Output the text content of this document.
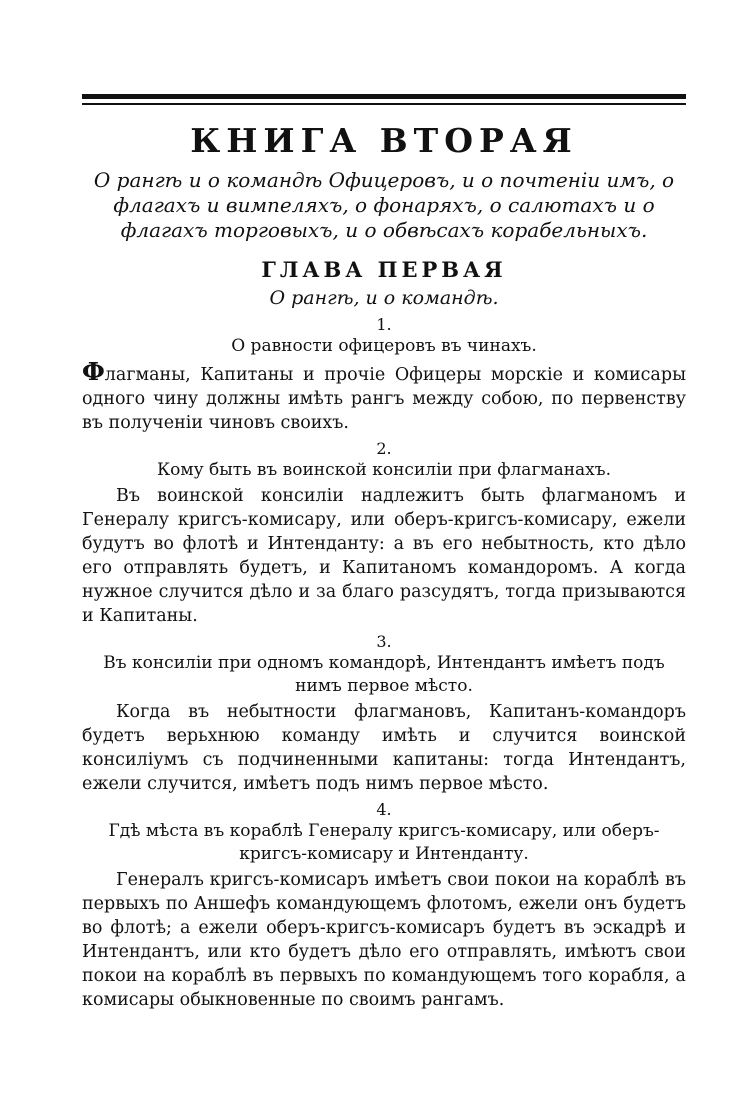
КНИГА ВТОРАЯ
О рангѣ и о командѣ Офицеровъ, и о почтенiи имъ, о флагахъ и вимпеляхъ, о фонаряхъ, о салютахъ и о флагахъ торговыхъ, и о обвѣсахъ корабельныхъ.
ГЛАВА ПЕРВАЯ
О рангѣ, и о командѣ.
1.
О равности офицеровъ въ чинахъ.

Флагманы, Капитаны и прочiе Офицеры морскiе и комисары одного чину должны имѣть рангъ между собою, по первенству въ полученiи чиновъ своихъ.

2.
Кому быть въ воинской консилiи при флагманахъ.

Въ воинской консилiи надлежитъ быть флагманомъ и Генералу кригсъ-комисару, или оберъ-кригсъ-комисару, ежели будутъ во флотѣ и Интенданту: а въ его небытность, кто дѣло его отправлять будетъ, и Капитаномъ командоромъ. А когда нужное случится дѣло и за благо разсудятъ, тогда призываются и Капитаны.

3.
Въ консилiи при одномъ командорѣ, Интендантъ имѣетъ подъ нимъ первое мѣсто.

Когда въ небытности флагмановъ, Капитанъ-командоръ будетъ верьхнюю команду имѣть и случится воинской консилiумъ съ подчиненными капитаны: тогда Интендантъ, ежели случится, имѣетъ подъ нимъ первое мѣсто.

4.
Гдѣ мѣста въ кораблѣ Генералу кригсъ-комисару, или оберъ-кригсъ-комисару и Интенданту.

Генералъ кригсъ-комисаръ имѣетъ свои покои на кораблѣ въ первыхъ по Аншефъ командующемъ флотомъ, ежели онъ будетъ во флотѣ; а ежели оберъ-кригсъ-комисаръ будетъ въ эскадрѣ и Интендантъ, или кто будетъ дѣло его отправлять, имѣютъ свои покои на кораблѣ въ первыхъ по командующемъ того корабля, а комисары обыкновенные по своимъ рангамъ.
